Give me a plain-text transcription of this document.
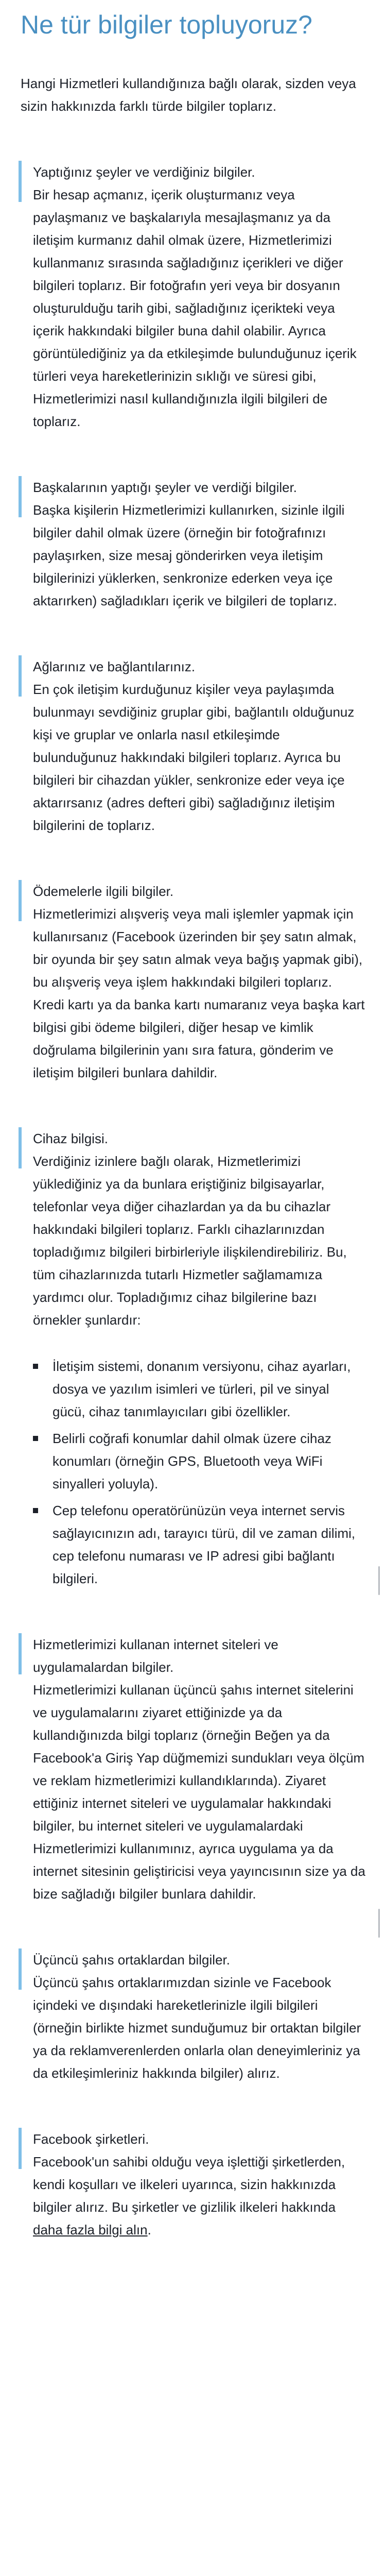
Ne tür bilgiler topluyoruz?

Hangi Hizmetleri kullandığınıza bağlı olarak, sizden veya sizin hakkınızda farklı türde bilgiler toplarız.

Yaptığınız şeyler ve verdiğiniz bilgiler.

Bir hesap açmanız, içerik oluşturmanız veya paylaşmanız ve başkalarıyla mesajlaşmanız ya da iletişim kurmanız dahil olmak üzere, Hizmetlerimizi kullanmanız sırasında sağladığınız içerikleri ve diğer bilgileri toplarız. Bir fotoğrafın yeri veya bir dosyanın oluşturulduğu tarih gibi, sağladığınız içerikteki veya içerik hakkındaki bilgiler buna dahil olabilir. Ayrıca görüntülediğiniz ya da etkileşimde bulunduğunuz içerik türleri veya hareketlerinizin sıklığı ve süresi gibi, Hizmetlerimizi nasıl kullandığınızla ilgili bilgileri de toplarız.

Başkalarının yaptığı şeyler ve verdiği bilgiler.

Başka kişilerin Hizmetlerimizi kullanırken, sizinle ilgili bilgiler dahil olmak üzere (örneğin bir fotoğrafınızı paylaşırken, size mesaj gönderirken veya iletişim bilgilerinizi yüklerken, senkronize ederken veya içe aktarırken) sağladıkları içerik ve bilgileri de toplarız.

Ağlarınız ve bağlantılarınız.

En çok iletişim kurduğunuz kişiler veya paylaşımda bulunmayı sevdiğiniz gruplar gibi, bağlantılı olduğunuz kişi ve gruplar ve onlarla nasıl etkileşimde bulunduğunuz hakkındaki bilgileri toplarız. Ayrıca bu bilgileri bir cihazdan yükler, senkronize eder veya içe aktarırsanız (adres defteri gibi) sağladığınız iletişim bilgilerini de toplarız.

Ödemelerle ilgili bilgiler.

Hizmetlerimizi alışveriş veya mali işlemler yapmak için kullanırsanız (Facebook üzerinden bir şey satın almak, bir oyunda bir şey satın almak veya bağış yapmak gibi), bu alışveriş veya işlem hakkındaki bilgileri toplarız. Kredi kartı ya da banka kartı numaranız veya başka kart bilgisi gibi ödeme bilgileri, diğer hesap ve kimlik doğrulama bilgilerinin yanı sıra fatura, gönderim ve iletişim bilgileri bunlara dahildir.

Cihaz bilgisi.

Verdiğiniz izinlere bağlı olarak, Hizmetlerimizi yüklediğiniz ya da bunlara eriştiğiniz bilgisayarlar, telefonlar veya diğer cihazlardan ya da bu cihazlar hakkındaki bilgileri toplarız. Farklı cihazlarınızdan topladığımız bilgileri birbirleriyle ilişkilendirebiliriz. Bu, tüm cihazlarınızda tutarlı Hizmetler sağlamamıza yardımcı olur. Topladığımız cihaz bilgilerine bazı örnekler şunlardır:

İletişim sistemi, donanım versiyonu, cihaz ayarları, dosya ve yazılım isimleri ve türleri, pil ve sinyal gücü, cihaz tanımlayıcıları gibi özellikler.
Belirli coğrafi konumlar dahil olmak üzere cihaz konumları (örneğin GPS, Bluetooth veya WiFi sinyalleri yoluyla).
Cep telefonu operatörünüzün veya internet servis sağlayıcınızın adı, tarayıcı türü, dil ve zaman dilimi, cep telefonu numarası ve IP adresi gibi bağlantı bilgileri.

Hizmetlerimizi kullanan internet siteleri ve uygulamalardan bilgiler.

Hizmetlerimizi kullanan üçüncü şahıs internet sitelerini ve uygulamalarını ziyaret ettiğinizde ya da kullandığınızda bilgi toplarız (örneğin Beğen ya da Facebook'a Giriş Yap düğmemizi sundukları veya ölçüm ve reklam hizmetlerimizi kullandıklarında). Ziyaret ettiğiniz internet siteleri ve uygulamalar hakkındaki bilgiler, bu internet siteleri ve uygulamalardaki Hizmetlerimizi kullanımınız, ayrıca uygulama ya da internet sitesinin geliştiricisi veya yayıncısının size ya da bize sağladığı bilgiler bunlara dahildir.

Üçüncü şahıs ortaklardan bilgiler.

Üçüncü şahıs ortaklarımızdan sizinle ve Facebook içindeki ve dışındaki hareketlerinizle ilgili bilgileri (örneğin birlikte hizmet sunduğumuz bir ortaktan bilgiler ya da reklamverenlerden onlarla olan deneyimleriniz ya da etkileşimleriniz hakkında bilgiler) alırız.

Facebook şirketleri.

Facebook'un sahibi olduğu veya işlettiği şirketlerden, kendi koşulları ve ilkeleri uyarınca, sizin hakkınızda bilgiler alırız. Bu şirketler ve gizlilik ilkeleri hakkında daha fazla bilgi alın.
